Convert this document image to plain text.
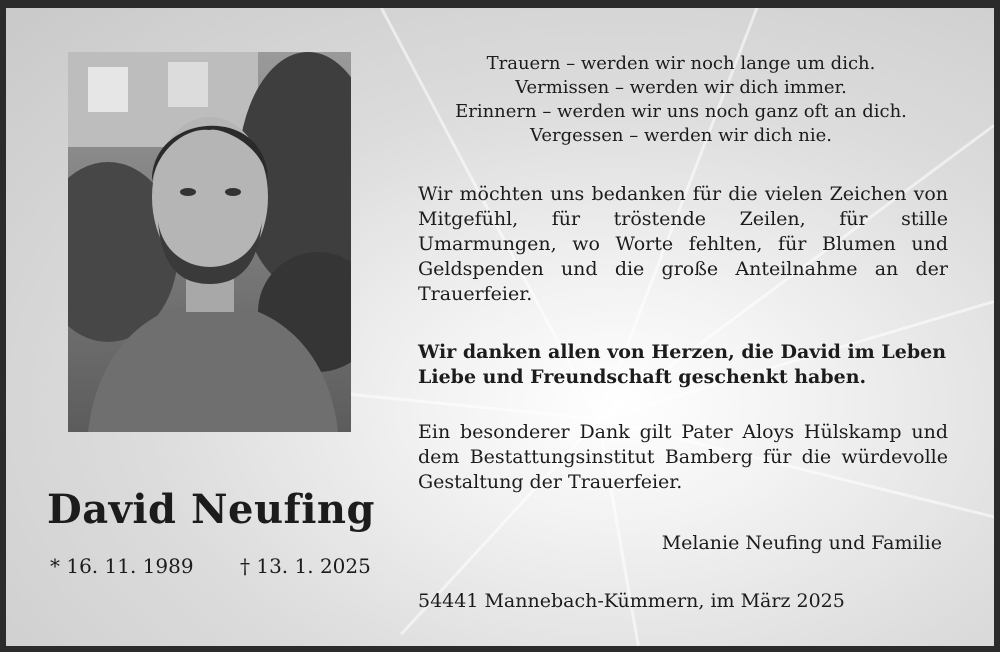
David Neufing
* 16. 11. 1989 † 13. 1. 2025
Trauern – werden wir noch lange um dich.
Vermissen – werden wir dich immer.
Erinnern – werden wir uns noch ganz oft an dich.
Vergessen – werden wir dich nie.
Wir möchten uns bedanken für die vielen Zeichen von Mitgefühl, für tröstende Zeilen, für stille Umarmungen, wo Worte fehlten, für Blumen und Geldspenden und die große Anteilnahme an der Trauerfeier.
Wir danken allen von Herzen, die David im Leben
Liebe und Freundschaft geschenkt haben.
Ein besonderer Dank gilt Pater Aloys Hülskamp und dem Bestattungsinstitut Bamberg für die würdevolle Gestaltung der Trauerfeier.
Melanie Neufing und Familie
54441 Mannebach-Kümmern, im März 2025
